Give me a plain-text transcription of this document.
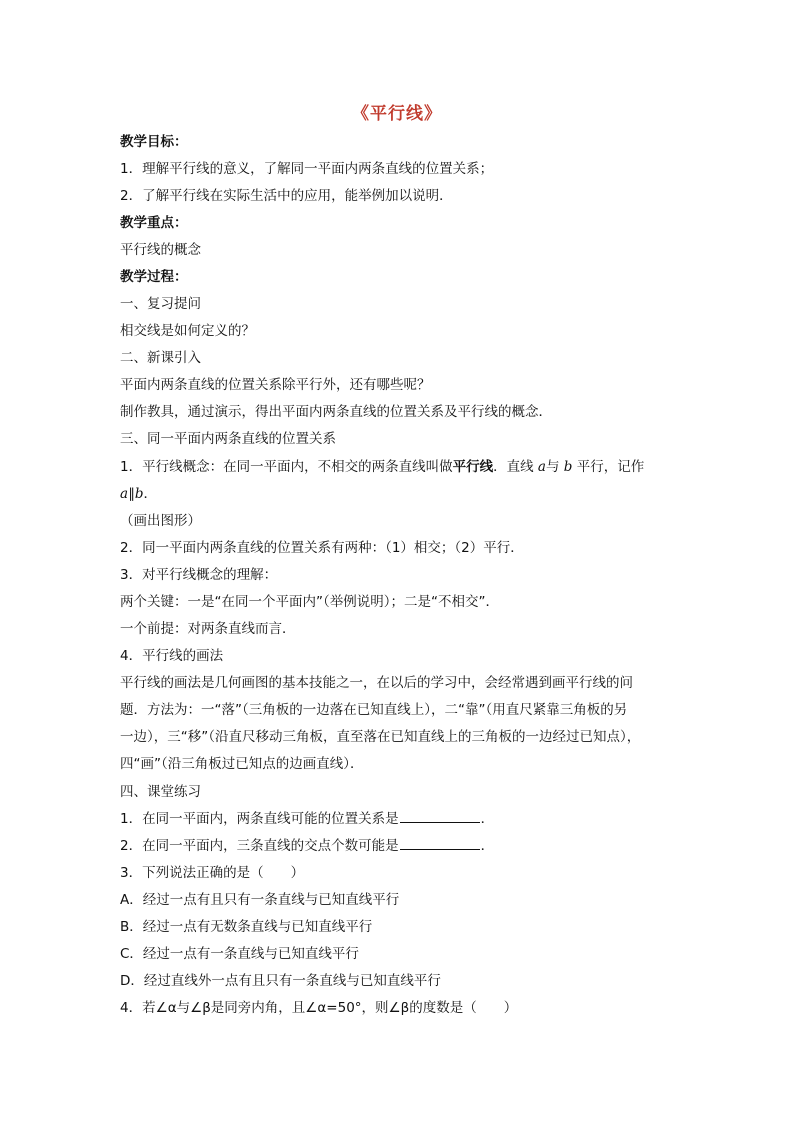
《平行线》
教学目标：
1．理解平行线的意义，了解同一平面内两条直线的位置关系；
2．了解平行线在实际生活中的应用，能举例加以说明．
教学重点：
平行线的概念
教学过程：
一、复习提问
相交线是如何定义的？
二、新课引入
平面内两条直线的位置关系除平行外，还有哪些呢？
制作教具，通过演示，得出平面内两条直线的位置关系及平行线的概念．
三、同一平面内两条直线的位置关系
1．平行线概念：在同一平面内，不相交的两条直线叫做平行线．直线 a与 b 平行，记作
a∥b．
（画出图形）
2．同一平面内两条直线的位置关系有两种：（1）相交；（2）平行．
3．对平行线概念的理解：
两个关键：一是“在同一个平面内”（举例说明）；二是“不相交”．
一个前提：对两条直线而言．
4．平行线的画法
平行线的画法是几何画图的基本技能之一，在以后的学习中，会经常遇到画平行线的问
题．方法为：一“落”（三角板的一边落在已知直线上），二“靠”（用直尺紧靠三角板的另
一边），三“移”（沿直尺移动三角板，直至落在已知直线上的三角板的一边经过已知点），
四“画”（沿三角板过已知点的边画直线）．
四、课堂练习
1．在同一平面内，两条直线可能的位置关系是	．
2．在同一平面内，三条直线的交点个数可能是	．
3．下列说法正确的是（　　）
A．经过一点有且只有一条直线与已知直线平行
B．经过一点有无数条直线与已知直线平行
C．经过一点有一条直线与已知直线平行
D．经过直线外一点有且只有一条直线与已知直线平行
4．若∠α与∠β是同旁内角，且∠α=50°，则∠β的度数是（　　）
